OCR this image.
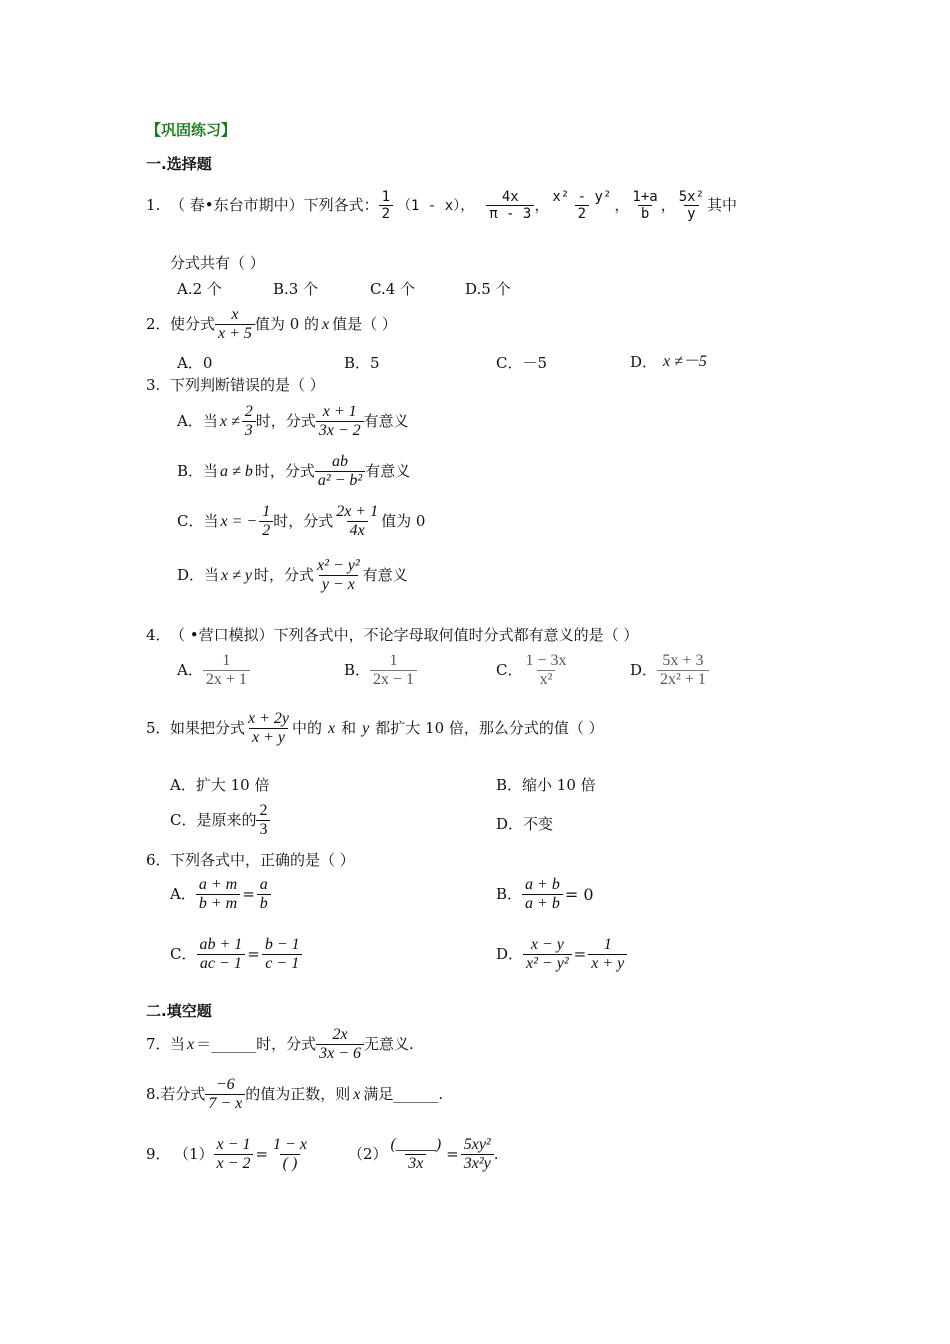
【巩固练习】
一.选择题
1. （ 春•东台市期中）下列各式： $\frac{1}{2} (1 - x)$， $\frac{4x}{\pi - 3}$ ， $\frac{\text{x² - y²}}{2}$ ， $\frac{1+a}{b}$ ， $\frac{\text{5x²}}{y}$ 其中
分式共有（ ）
A.2 个	B.3 个	C.4 个	D.5 个
2． 使分式 $\frac{x}{x + 5}$ 值为 0 的 x 值是（ ）
A．0	B．5	C．－5	D． x ≠－5
3. 下列判断错误的是（ ）
A．当 $x \ne \frac{2}{3}$ 时，分式 $\frac{x + 1}{3x - 2}$ 有意义
B．当 a ≠ b 时，分式 $\frac{ab}{\text{a² − b²}}$ 有意义
C．当 x = − $\frac{1}{2}$ 时，分式 $\frac{2x + 1}{4x}$ 值为 0
D．当 x ≠ y 时，分式 $\frac{\text{x² − y²}}{y - x}$ 有意义
4． （ •营口模拟）下列各式中，不论字母取何值时分式都有意义的是（ ）
A． $\frac{1}{2x + 1}$	B． $\frac{1}{2x - 1}$	C． $\frac{1 - 3x}{\text{x²}}$	D． $\frac{5x + 3}{\text{2x² + 1}}$
5． 如果把分式 $\frac{x + 2y}{x + y}$ 中的 x 和 y 都扩大 10 倍，那么分式的值（ ）
A．扩大 10 倍	B．缩小 10 倍
C．是原来的 $\frac{2}{3}$	D．不变
6． 下列各式中，正确的是（ ）
A． $\frac{a + m}{b + m} = \frac{a}{b}$	B． $\frac{a + b}{a + b} = 0$
C． $\frac{ab + 1}{ac - 1} = \frac{b - 1}{c - 1}$	D． $\frac{x - y}{\text{x² − y²}} = \frac{1}{x + y}$
二.填空题
7． 当 x ＝______时，分式 $\frac{2x}{3x - 6}$ 无意义.
8. 若分式 $\frac{-6}{7 - x}$ 的值为正数，则 x 满足______.
9． $(1) \frac{x - 1}{x - 2} = \frac{1 - x}{( )}$	$(2) \frac{(\_\_\_\_\_)}{3x} = \frac{\text{5xy²}}{\text{3x²y}}$ .
